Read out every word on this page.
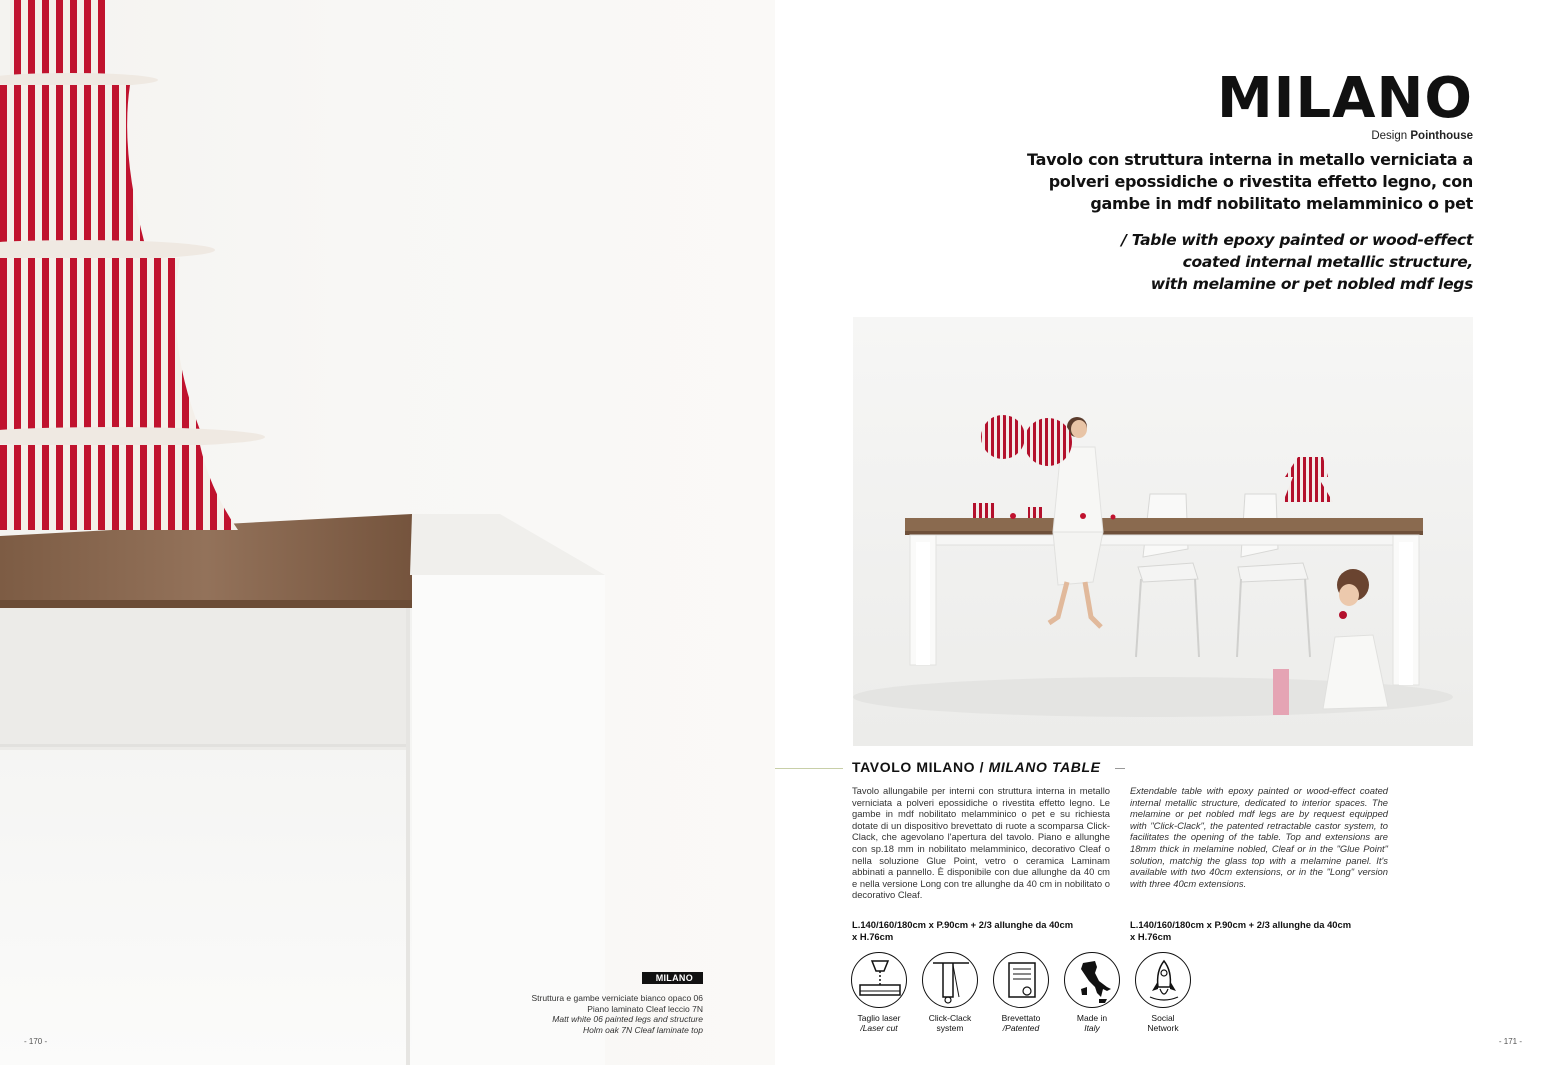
MILANO
Struttura e gambe verniciate bianco opaco 06
Piano laminato Cleaf leccio 7N
Matt white 06 painted legs and structure
Holm oak 7N Cleaf laminate top
- 170 -
MILANO
Design Pointhouse
Tavolo con struttura interna in metallo verniciata a
polveri epossidiche o rivestita effetto legno, con
gambe in mdf nobilitato melamminico o pet
/ Table with epoxy painted or wood-effect
coated internal metallic structure,
with melamine or pet nobled mdf legs
TAVOLO MILANO / MILANO TABLE
Tavolo allungabile per interni con struttura interna in metallo verniciata a polveri epossidiche o rivestita effetto legno. Le gambe in mdf nobilitato melamminico o pet e su richiesta dotate di un dispositivo brevettato di ruote a scomparsa Click-Clack, che agevolano l'apertura del tavolo. Piano e allunghe con sp.18 mm in nobilitato melamminico, decorativo Cleaf o nella soluzione Glue Point, vetro o ceramica Laminam abbinati a pannello. È disponibile con due allunghe da 40 cm e nella versione Long con tre allunghe da 40 cm in nobilitato o decorativo Cleaf.
Extendable table with epoxy painted or wood-effect coated internal metallic structure, dedicated to interior spaces. The melamine or pet nobled mdf legs are by request equipped with "Click-Clack", the patented retractable castor system, to facilitates the opening of the table. Top and extensions are 18mm thick in melamine nobled, Cleaf or in the "Glue Point" solution, matchig the glass top with a melamine panel. It's available with two 40cm extensions, or in the "Long" version with three 40cm extensions.
L.140/160/180cm x P.90cm + 2/3 allunghe da 40cm
x H.76cm
L.140/160/180cm x P.90cm + 2/3 allunghe da 40cm
x H.76cm
Taglio laser
/Laser cut
Click-Clack
system
Brevettato
/Patented
Made in
Italy
Social
Network
- 171 -
